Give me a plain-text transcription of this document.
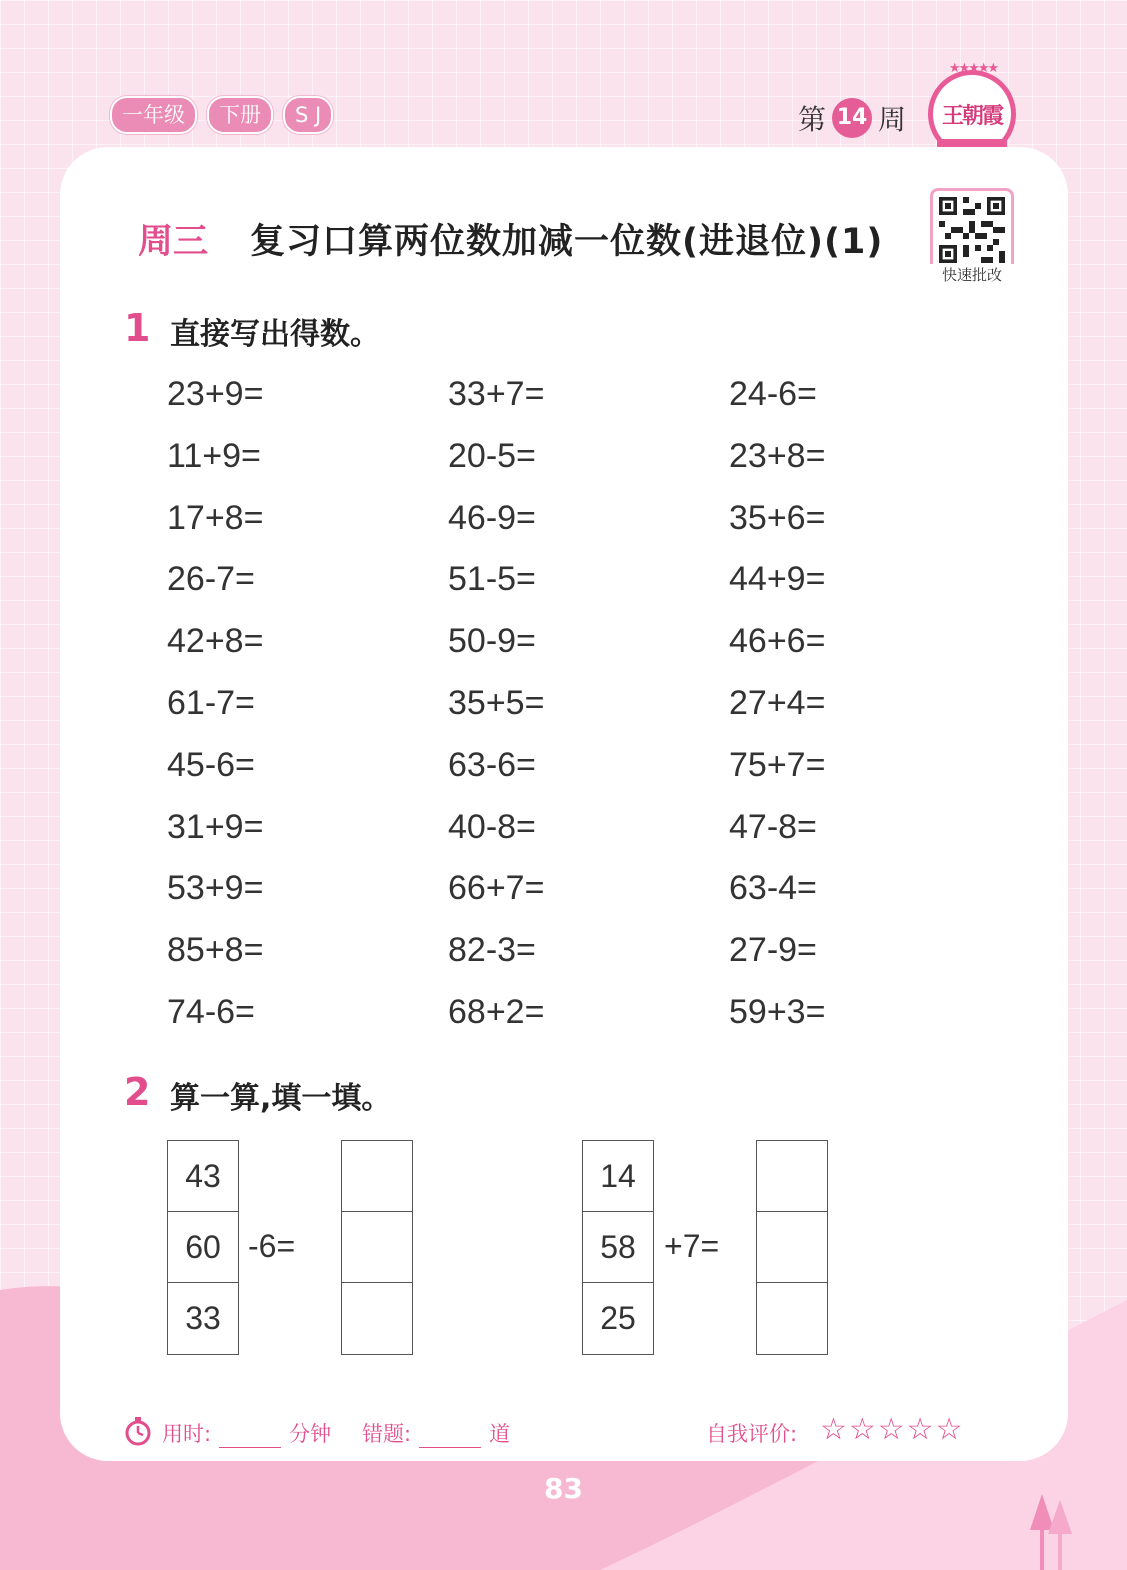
一年级	下册	S J	第 14 周
★★★★★
王朝霞
周三 复习口算两位数加减一位数(进退位)(1)
快速批改
1 直接写出得数。
23+9=	33+7=	24-6=
11+9=	20-5=	23+8=
17+8=	46-9=	35+6=
26-7=	51-5=	44+9=
42+8=	50-9=	46+6=
61-7=	35+5=	27+4=
45-6=	63-6=	75+7=
31+9=	40-8=	47-8=
53+9=	66+7=	63-4=
85+8=	82-3=	27-9=
74-6=	68+2=	59+3=
2 算一算,填一填。
43
60
33
-6=
14
58
25
+7=
用时:	分钟 错题:	道	自我评价: ☆☆☆☆☆
83
